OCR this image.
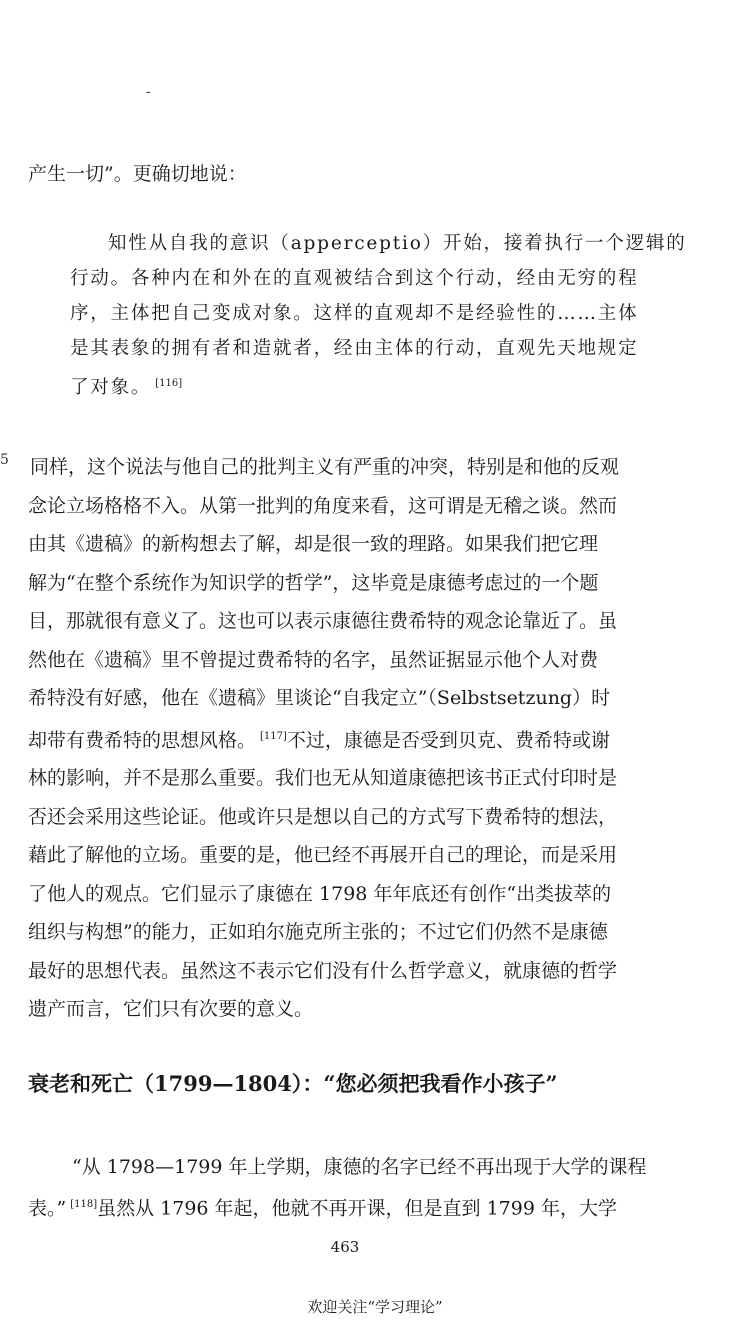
-
产生一切”。更确切地说：
知性从自我的意识（apperceptio）开始，接着执行一个逻辑的
行动。各种内在和外在的直观被结合到这个行动，经由无穷的程
序，主体把自己变成对象。这样的直观却不是经验性的……主体
是其表象的拥有者和造就者，经由主体的行动，直观先天地规定
了对象。 [116]
5 同样，这个说法与他自己的批判主义有严重的冲突，特别是和他的反观
念论立场格格不入。从第一批判的角度来看，这可谓是无稽之谈。然而
由其《遗稿》的新构想去了解，却是很一致的理路。如果我们把它理
解为“在整个系统作为知识学的哲学”，这毕竟是康德考虑过的一个题
目，那就很有意义了。这也可以表示康德往费希特的观念论靠近了。虽
然他在《遗稿》里不曾提过费希特的名字，虽然证据显示他个人对费
希特没有好感，他在《遗稿》里谈论“自我定立”（Selbstsetzung）时
却带有费希特的思想风格。 [117]不过，康德是否受到贝克、费希特或谢
林的影响，并不是那么重要。我们也无从知道康德把该书正式付印时是
否还会采用这些论证。他或许只是想以自己的方式写下费希特的想法，
藉此了解他的立场。重要的是，他已经不再展开自己的理论，而是采用
了他人的观点。它们显示了康德在 1798 年年底还有创作“出类拔萃的
组织与构想”的能力，正如珀尔施克所主张的；不过它们仍然不是康德
最好的思想代表。虽然这不表示它们没有什么哲学意义，就康德的哲学
遗产而言，它们只有次要的意义。
衰老和死亡（1799—1804）：“您必须把我看作小孩子”
“从 1798—1799 年上学期，康德的名字已经不再出现于大学的课程
表。” [118]虽然从 1796 年起，他就不再开课，但是直到 1799 年，大学
463
欢迎关注“学习理论”
